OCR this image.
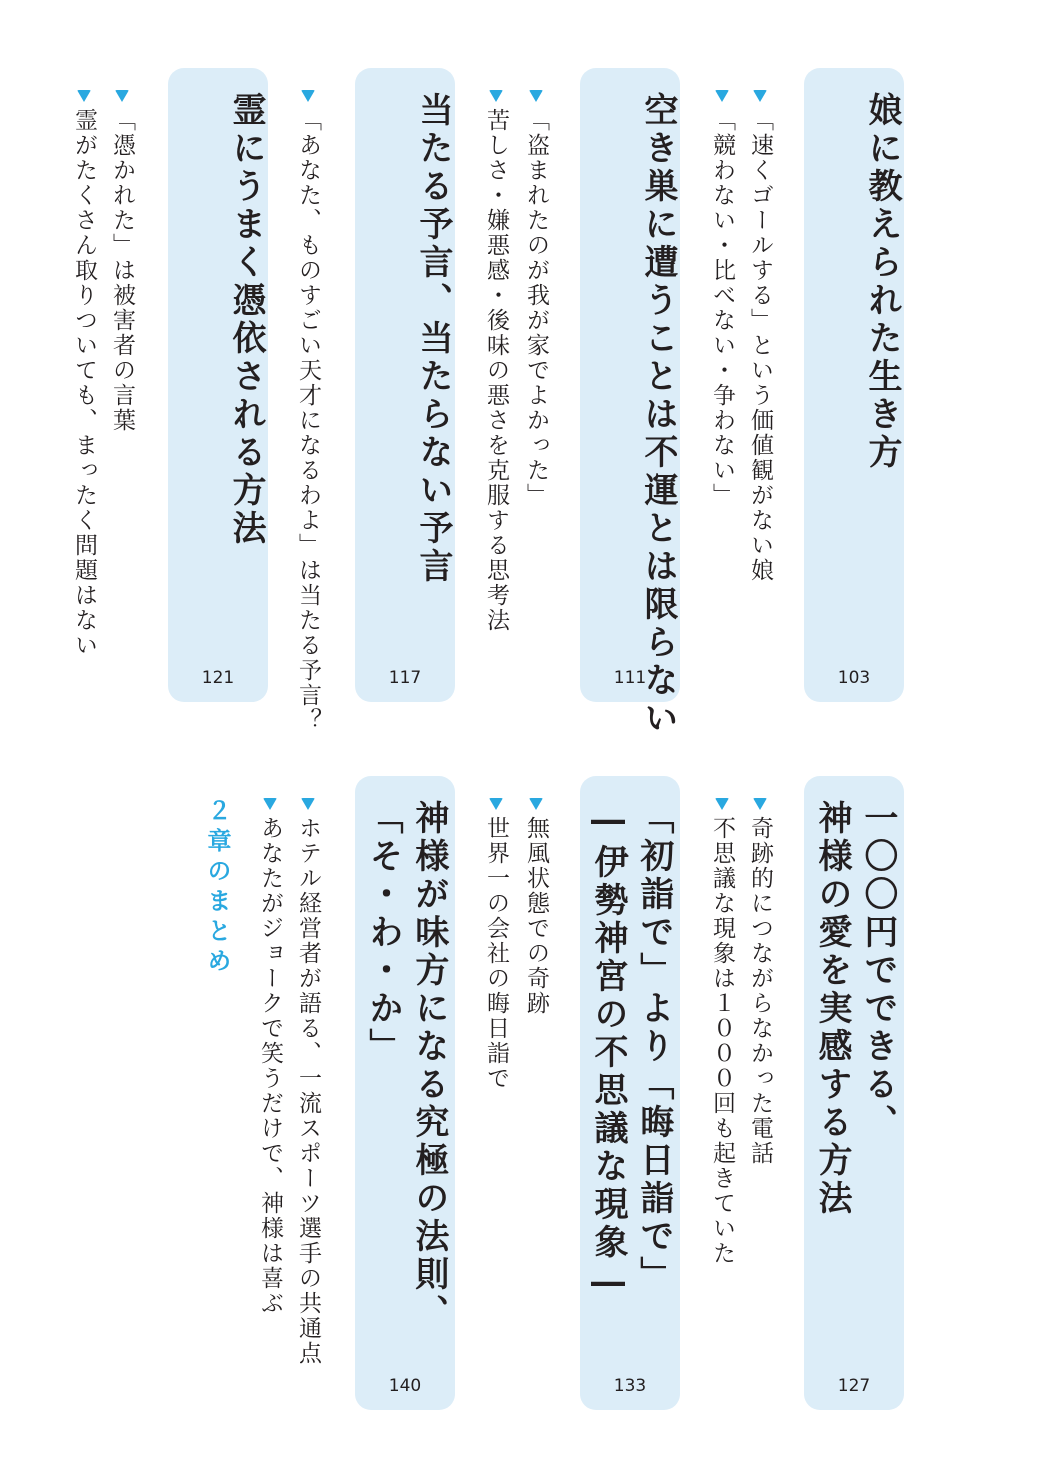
娘に教えられた生き方
103
「速くゴールする」という価値観がない娘
「競わない・比べない・争わない」
空き巣に遭うことは不運とは限らない
111
「盗まれたのが我が家でよかった」
苦しさ・嫌悪感・後味の悪さを克服する思考法
当たる予言、当たらない予言
117
「あなた、ものすごい天才になるわよ」は当たる予言？
霊にうまく憑依される方法
121
「憑かれた」は被害者の言葉
霊がたくさん取りついても、まったく問題はない
一〇〇円でできる、
神様の愛を実感する方法
127
奇跡的につながらなかった電話
不思議な現象は１０００回も起きていた
「初詣で」より「晦日詣で」
―伊勢神宮の不思議な現象―
133
無風状態での奇跡
世界一の会社の晦日詣で
神様が味方になる究極の法則、
「そ・わ・か」
140
ホテル経営者が語る、一流スポーツ選手の共通点
あなたがジョークで笑うだけで、神様は喜ぶ
２章のまとめ
